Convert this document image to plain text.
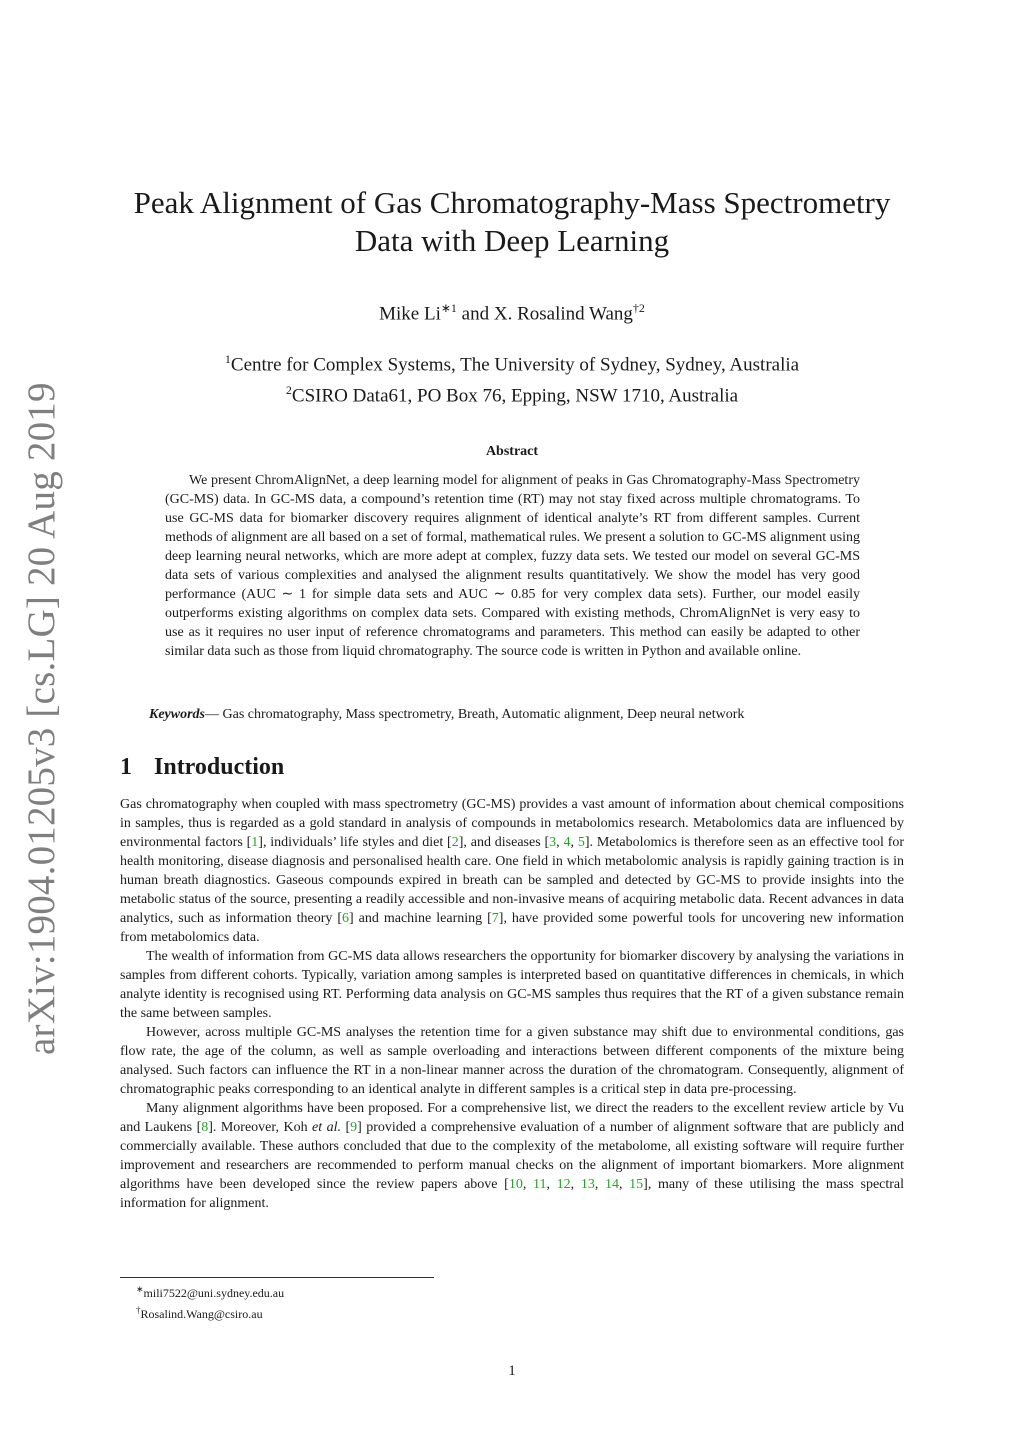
arXiv:1904.01205v3 [cs.LG] 20 Aug 2019
Peak Alignment of Gas Chromatography-Mass Spectrometry
Data with Deep Learning
Mike $Li^{∗1}$ and X. Rosalind Wang$^{\dagger 2}$
$^1$Centre for Complex Systems, The University of Sydney, Sydney, Australia
$^2$CSIRO Data61, PO Box 76, Epping, NSW 1710, Australia
Abstract

We present ChromAlignNet, a deep learning model for alignment of peaks in Gas Chromatography-Mass Spectrometry (GC-MS) data. In GC-MS data, a compound’s retention time (RT) may not stay fixed across multiple chromatograms. To use GC-MS data for biomarker discovery requires alignment of identical analyte’s RT from different samples. Current methods of alignment are all based on a set of formal, mathematical rules. We present a solution to GC-MS alignment using deep learning neural networks, which are more adept at complex, fuzzy data sets. We tested our model on several GC-MS data sets of various complexities and analysed the alignment results quantitatively. We show the model has very good performance (AUC ∼ 1 for simple data sets and AUC ∼ 0.85 for very complex data sets). Further, our model easily outperforms existing algorithms on complex data sets. Compared with existing methods, ChromAlignNet is very easy to use as it requires no user input of reference chromatograms and parameters. This method can easily be adapted to other similar data such as those from liquid chromatography. The source code is written in Python and available online.

Keywords— Gas chromatography, Mass spectrometry, Breath, Automatic alignment, Deep neural network
1 Introduction

Gas chromatography when coupled with mass spectrometry (GC-MS) provides a vast amount of information about chemical compositions in samples, thus is regarded as a gold standard in analysis of compounds in metabolomics research. Metabolomics data are influenced by environmental factors [1], individuals’ life styles and diet [2], and diseases [3, 4, 5]. Metabolomics is therefore seen as an effective tool for health monitoring, disease diagnosis and personalised health care. One field in which metabolomic analysis is rapidly gaining traction is in human breath diagnostics. Gaseous compounds expired in breath can be sampled and detected by GC-MS to provide insights into the metabolic status of the source, presenting a readily accessible and non-invasive means of acquiring metabolic data. Recent advances in data analytics, such as information theory [6] and machine learning [7], have provided some powerful tools for uncovering new information from metabolomics data.

The wealth of information from GC-MS data allows researchers the opportunity for biomarker discovery by analysing the variations in samples from different cohorts. Typically, variation among samples is interpreted based on quantitative differences in chemicals, in which analyte identity is recognised using RT. Performing data analysis on GC-MS samples thus requires that the RT of a given substance remain the same between samples.

However, across multiple GC-MS analyses the retention time for a given substance may shift due to environmental conditions, gas flow rate, the age of the column, as well as sample overloading and interactions between different components of the mixture being analysed. Such factors can influence the RT in a non-linear manner across the duration of the chromatogram. Consequently, alignment of chromatographic peaks corresponding to an identical analyte in different samples is a critical step in data pre-processing.

Many alignment algorithms have been proposed. For a comprehensive list, we direct the readers to the excellent review article by Vu and Laukens [8]. Moreover, Koh et al. [9] provided a comprehensive evaluation of a number of alignment software that are publicly and commercially available. These authors concluded that due to the complexity of the metabolome, all existing software will require further improvement and researchers are recommended to perform manual checks on the alignment of important biomarkers. More alignment algorithms have been developed since the review papers above [10, 11, 12, 13, 14, 15], many of these utilising the mass spectral information for alignment.

∗mili7522@uni.sydney.edu.au
†Rosalind.Wang@csiro.au
1
